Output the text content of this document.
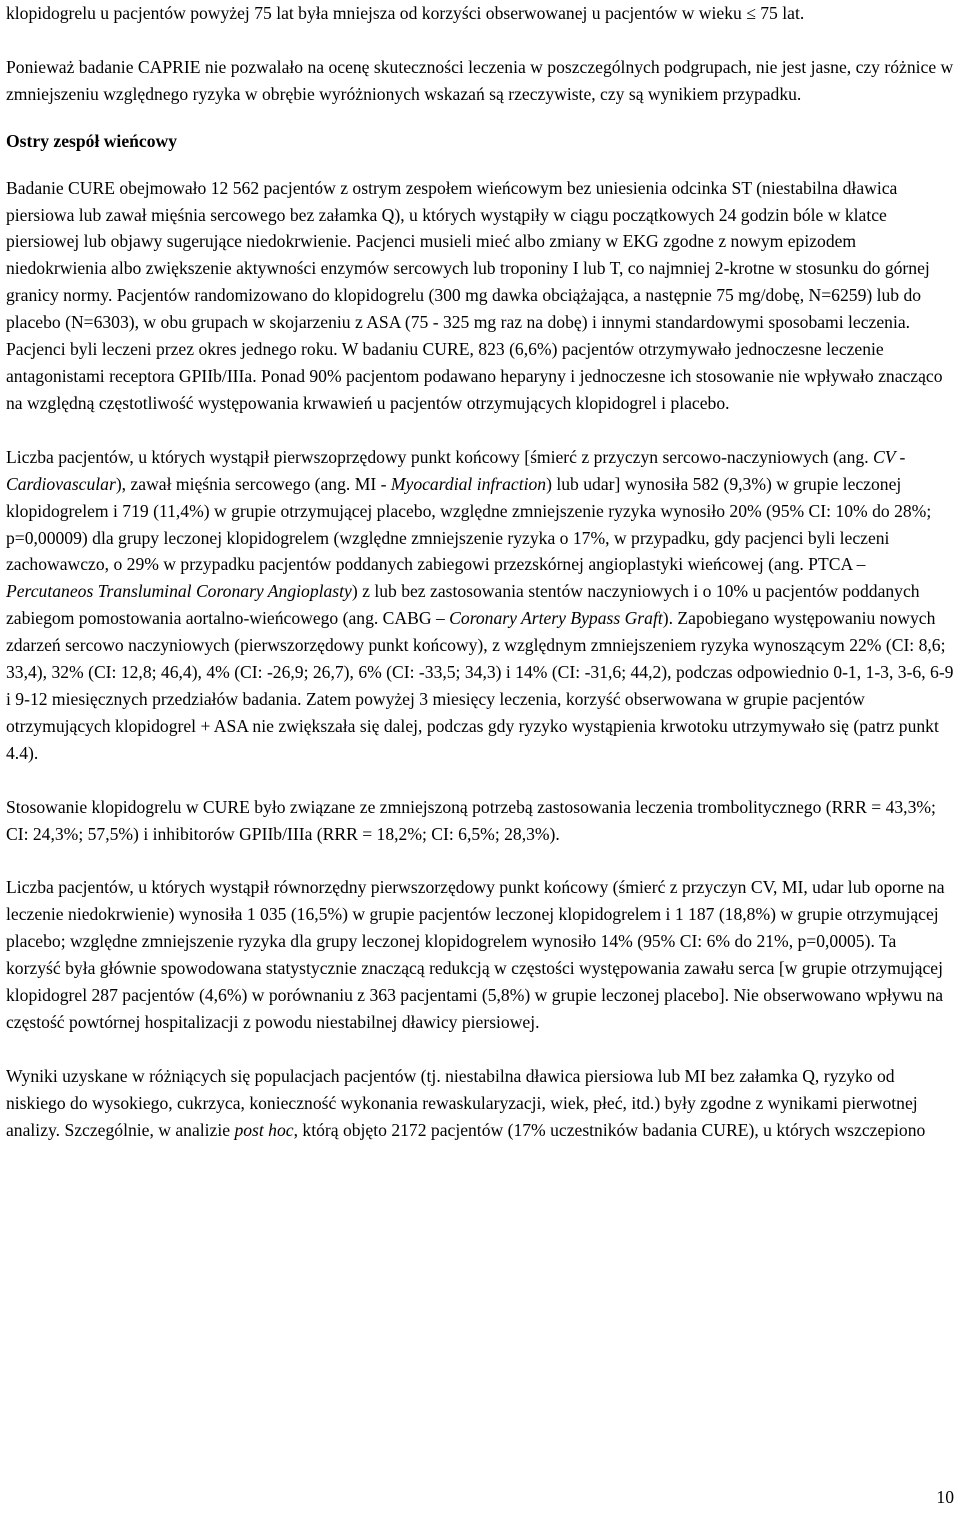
klopidogrelu u pacjentów powyżej 75 lat była mniejsza od korzyści obserwowanej u pacjentów w wieku ≤ 75 lat.

Ponieważ badanie CAPRIE nie pozwalało na ocenę skuteczności leczenia w poszczególnych podgrupach, nie jest jasne, czy różnice w zmniejszeniu względnego ryzyka w obrębie wyróżnionych wskazań są rzeczywiste, czy są wynikiem przypadku.

Ostry zespół wieńcowy

Badanie CURE obejmowało 12 562 pacjentów z ostrym zespołem wieńcowym bez uniesienia odcinka ST (niestabilna dławica piersiowa lub zawał mięśnia sercowego bez załamka Q), u których wystąpiły w ciągu początkowych 24 godzin bóle w klatce piersiowej lub objawy sugerujące niedokrwienie. Pacjenci musieli mieć albo zmiany w EKG zgodne z nowym epizodem niedokrwienia albo zwiększenie aktywności enzymów sercowych lub troponiny I lub T, co najmniej 2-krotne w stosunku do górnej granicy normy. Pacjentów randomizowano do klopidogrelu (300 mg dawka obciążająca, a następnie 75 mg/dobę, N=6259) lub do placebo (N=6303), w obu grupach w skojarzeniu z ASA (75 - 325 mg raz na dobę) i innymi standardowymi sposobami leczenia. Pacjenci byli leczeni przez okres jednego roku. W badaniu CURE, 823 (6,6%) pacjentów otrzymywało jednoczesne leczenie antagonistami receptora GPIIb/IIIa. Ponad 90% pacjentom podawano heparyny i jednoczesne ich stosowanie nie wpływało znacząco na względną częstotliwość występowania krwawień u pacjentów otrzymujących klopidogrel i placebo.

Liczba pacjentów, u których wystąpił pierwszoprzędowy punkt końcowy [śmierć z przyczyn sercowo-naczyniowych (ang. CV - Cardiovascular), zawał mięśnia sercowego (ang. MI - Myocardial infraction) lub udar] wynosiła 582 (9,3%) w grupie leczonej klopidogrelem i 719 (11,4%) w grupie otrzymującej placebo, względne zmniejszenie ryzyka wynosiło 20% (95% CI: 10% do 28%; p=0,00009) dla grupy leczonej klopidogrelem (względne zmniejszenie ryzyka o 17%, w przypadku, gdy pacjenci byli leczeni zachowawczo, o 29% w przypadku pacjentów poddanych zabiegowi przezskórnej angioplastyki wieńcowej (ang. PTCA – Percutaneos Transluminal Coronary Angioplasty) z lub bez zastosowania stentów naczyniowych i o 10% u pacjentów poddanych zabiegom pomostowania aortalno-wieńcowego (ang. CABG – Coronary Artery Bypass Graft). Zapobiegano występowaniu nowych zdarzeń sercowo naczyniowych (pierwszorzędowy punkt końcowy), z względnym zmniejszeniem ryzyka wynoszącym 22% (CI: 8,6; 33,4), 32% (CI: 12,8; 46,4), 4% (CI: -26,9; 26,7), 6% (CI: -33,5; 34,3) i 14% (CI: -31,6; 44,2), podczas odpowiednio 0-1, 1-3, 3-6, 6-9 i 9-12 miesięcznych przedziałów badania. Zatem powyżej 3 miesięcy leczenia, korzyść obserwowana w grupie pacjentów otrzymujących klopidogrel + ASA nie zwiększała się dalej, podczas gdy ryzyko wystąpienia krwotoku utrzymywało się (patrz punkt 4.4).

Stosowanie klopidogrelu w CURE było związane ze zmniejszoną potrzebą zastosowania leczenia trombolitycznego (RRR = 43,3%; CI: 24,3%; 57,5%) i inhibitorów GPIIb/IIIa (RRR = 18,2%; CI: 6,5%; 28,3%).

Liczba pacjentów, u których wystąpił równorzędny pierwszorzędowy punkt końcowy (śmierć z przyczyn CV, MI, udar lub oporne na leczenie niedokrwienie) wynosiła 1 035 (16,5%) w grupie pacjentów leczonej klopidogrelem i 1 187 (18,8%) w grupie otrzymującej placebo; względne zmniejszenie ryzyka dla grupy leczonej klopidogrelem wynosiło 14% (95% CI: 6% do 21%, p=0,0005). Ta korzyść była głównie spowodowana statystycznie znaczącą redukcją w częstości występowania zawału serca [w grupie otrzymującej klopidogrel 287 pacjentów (4,6%) w porównaniu z 363 pacjentami (5,8%) w grupie leczonej placebo]. Nie obserwowano wpływu na częstość powtórnej hospitalizacji z powodu niestabilnej dławicy piersiowej.

Wyniki uzyskane w różniących się populacjach pacjentów (tj. niestabilna dławica piersiowa lub MI bez załamka Q, ryzyko od niskiego do wysokiego, cukrzyca, konieczność wykonania rewaskularyzacji, wiek, płeć, itd.) były zgodne z wynikami pierwotnej analizy. Szczególnie, w analizie post hoc, którą objęto 2172 pacjentów (17% uczestników badania CURE), u których wszczepiono

10
